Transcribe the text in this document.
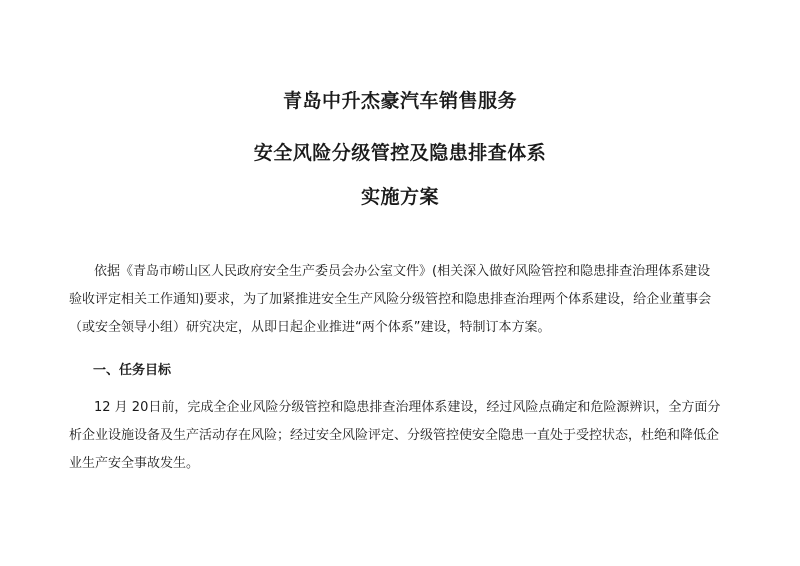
青岛中升杰豪汽车销售服务
安全风险分级管控及隐患排查体系
实施方案
依据《青岛市崂山区人民政府安全生产委员会办公室文件》(相关深入做好风险管控和隐患排查治理体系建设
验收评定相关工作通知)要求，为了加紧推进安全生产风险分级管控和隐患排查治理两个体系建设，给企业董事会
（或安全领导小组）研究决定，从即日起企业推进“两个体系”建设，特制订本方案。
一、任务目标
12 月 20日前，完成全企业风险分级管控和隐患排查治理体系建设，经过风险点确定和危险源辨识，全方面分
析企业设施设备及生产活动存在风险；经过安全风险评定、分级管控使安全隐患一直处于受控状态，杜绝和降低企
业生产安全事故发生。
